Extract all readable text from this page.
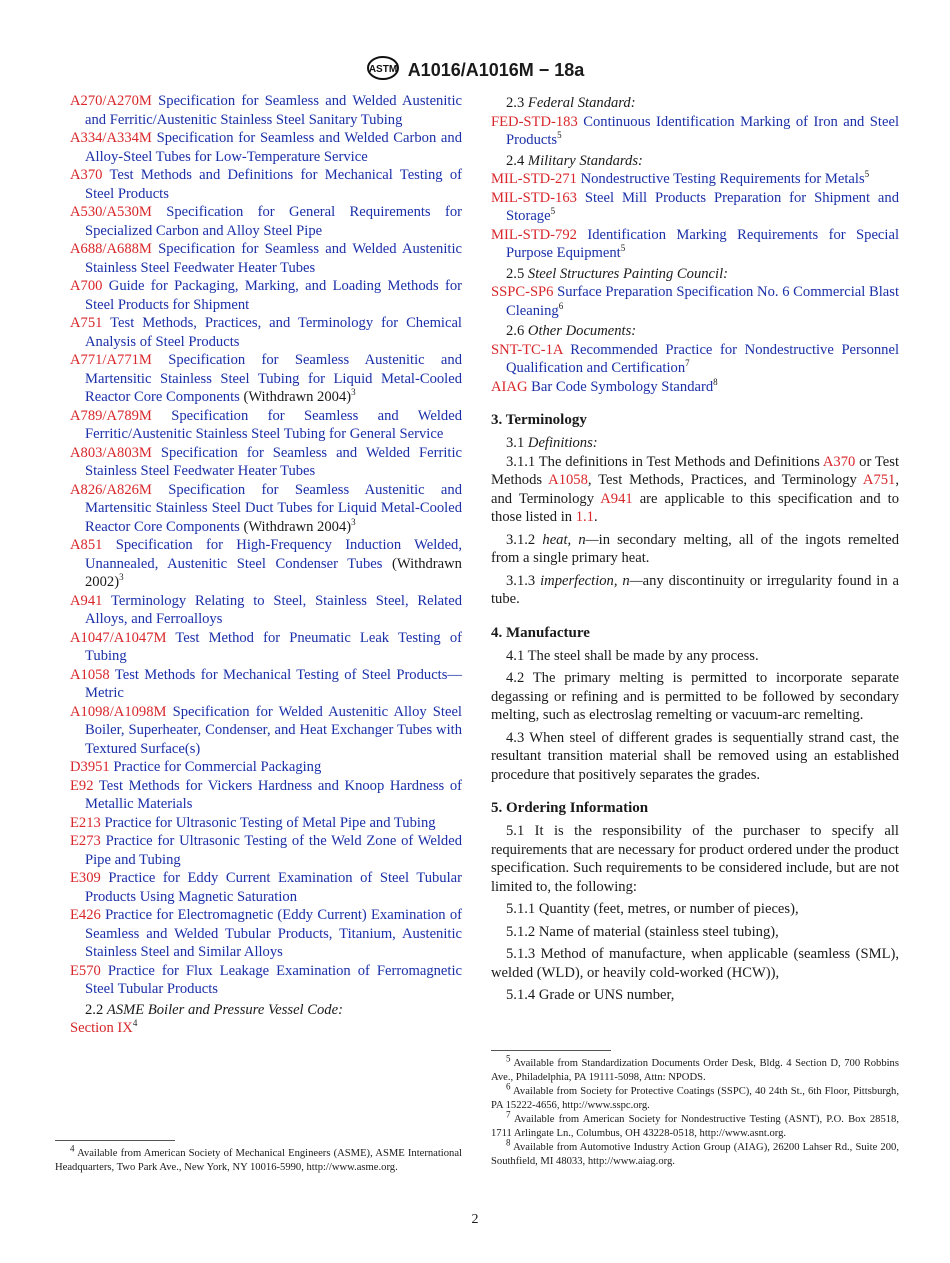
ASTM A1016/A1016M − 18a

A270/A270M Specification for Seamless and Welded Austenitic and Ferritic/Austenitic Stainless Steel Sanitary Tubing

A334/A334M Specification for Seamless and Welded Carbon and Alloy-Steel Tubes for Low-Temperature Service

A370 Test Methods and Definitions for Mechanical Testing of Steel Products

A530/A530M Specification for General Requirements for Specialized Carbon and Alloy Steel Pipe

A688/A688M Specification for Seamless and Welded Austenitic Stainless Steel Feedwater Heater Tubes

A700 Guide for Packaging, Marking, and Loading Methods for Steel Products for Shipment

A751 Test Methods, Practices, and Terminology for Chemical Analysis of Steel Products

A771/A771M Specification for Seamless Austenitic and Martensitic Stainless Steel Tubing for Liquid Metal-Cooled Reactor Core Components (Withdrawn 2004)$^3$

A789/A789M Specification for Seamless and Welded Ferritic/Austenitic Stainless Steel Tubing for General Service

A803/A803M Specification for Seamless and Welded Ferritic Stainless Steel Feedwater Heater Tubes

A826/A826M Specification for Seamless Austenitic and Martensitic Stainless Steel Duct Tubes for Liquid Metal-Cooled Reactor Core Components (Withdrawn 2004)$^3$

A851 Specification for High-Frequency Induction Welded, Unannealed, Austenitic Steel Condenser Tubes (Withdrawn 2002)$^3$

A941 Terminology Relating to Steel, Stainless Steel, Related Alloys, and Ferroalloys

A1047/A1047M Test Method for Pneumatic Leak Testing of Tubing

A1058 Test Methods for Mechanical Testing of Steel Products—Metric

A1098/A1098M Specification for Welded Austenitic Alloy Steel Boiler, Superheater, Condenser, and Heat Exchanger Tubes with Textured Surface(s)

D3951 Practice for Commercial Packaging

E92 Test Methods for Vickers Hardness and Knoop Hardness of Metallic Materials

E213 Practice for Ultrasonic Testing of Metal Pipe and Tubing

E273 Practice for Ultrasonic Testing of the Weld Zone of Welded Pipe and Tubing

E309 Practice for Eddy Current Examination of Steel Tubular Products Using Magnetic Saturation

E426 Practice for Electromagnetic (Eddy Current) Examination of Seamless and Welded Tubular Products, Titanium, Austenitic Stainless Steel and Similar Alloys

E570 Practice for Flux Leakage Examination of Ferromagnetic Steel Tubular Products

2.2 ASME Boiler and Pressure Vessel Code:

Section $IX^4$

2.3 Federal Standard:

FED-STD-183 Continuous Identification Marking of Iron and Steel Products$^5$

2.4 Military Standards:

MIL-STD-271 Nondestructive Testing Requirements for Metals$^5$

MIL-STD-163 Steel Mill Products Preparation for Shipment and Storage$^5$

MIL-STD-792 Identification Marking Requirements for Special Purpose Equipment$^5$

2.5 Steel Structures Painting Council:

SSPC-SP6 Surface Preparation Specification No. 6 Commercial Blast Cleaning$^6$

2.6 Other Documents:

SNT-TC-1A Recommended Practice for Nondestructive Personnel Qualification and Certification$^7$

AIAG Bar Code Symbology Standard$^8$

3. Terminology

3.1 Definitions:

3.1.1 The definitions in Test Methods and Definitions A370 or Test Methods A1058, Test Methods, Practices, and Terminology A751, and Terminology A941 are applicable to this specification and to those listed in 1.1.

3.1.2 heat, n—in secondary melting, all of the ingots remelted from a single primary heat.

3.1.3 imperfection, n—any discontinuity or irregularity found in a tube.

4. Manufacture

4.1 The steel shall be made by any process.

4.2 The primary melting is permitted to incorporate separate degassing or refining and is permitted to be followed by secondary melting, such as electroslag remelting or vacuum-arc remelting.

4.3 When steel of different grades is sequentially strand cast, the resultant transition material shall be removed using an established procedure that positively separates the grades.

5. Ordering Information

5.1 It is the responsibility of the purchaser to specify all requirements that are necessary for product ordered under the product specification. Such requirements to be considered include, but are not limited to, the following:

5.1.1 Quantity (feet, metres, or number of pieces),

5.1.2 Name of material (stainless steel tubing),

5.1.3 Method of manufacture, when applicable (seamless (SML), welded (WLD), or heavily cold-worked (HCW)),

5.1.4 Grade or UNS number,

$^4$ Available from American Society of Mechanical Engineers (ASME), ASME International Headquarters, Two Park Ave., New York, NY 10016-5990, http://www.asme.org.

$^5$ Available from Standardization Documents Order Desk, Bldg. 4 Section D, 700 Robbins Ave., Philadelphia, PA 19111-5098, Attn: NPODS.

$^6$ Available from Society for Protective Coatings (SSPC), 40 24th St., 6th Floor, Pittsburgh, PA 15222-4656, http://www.sspc.org.

$^7$ Available from American Society for Nondestructive Testing (ASNT), P.O. Box 28518, 1711 Arlingate Ln., Columbus, OH 43228-0518, http://www.asnt.org.

$^8$ Available from Automotive Industry Action Group (AIAG), 26200 Lahser Rd., Suite 200, Southfield, MI 48033, http://www.aiag.org.

2
